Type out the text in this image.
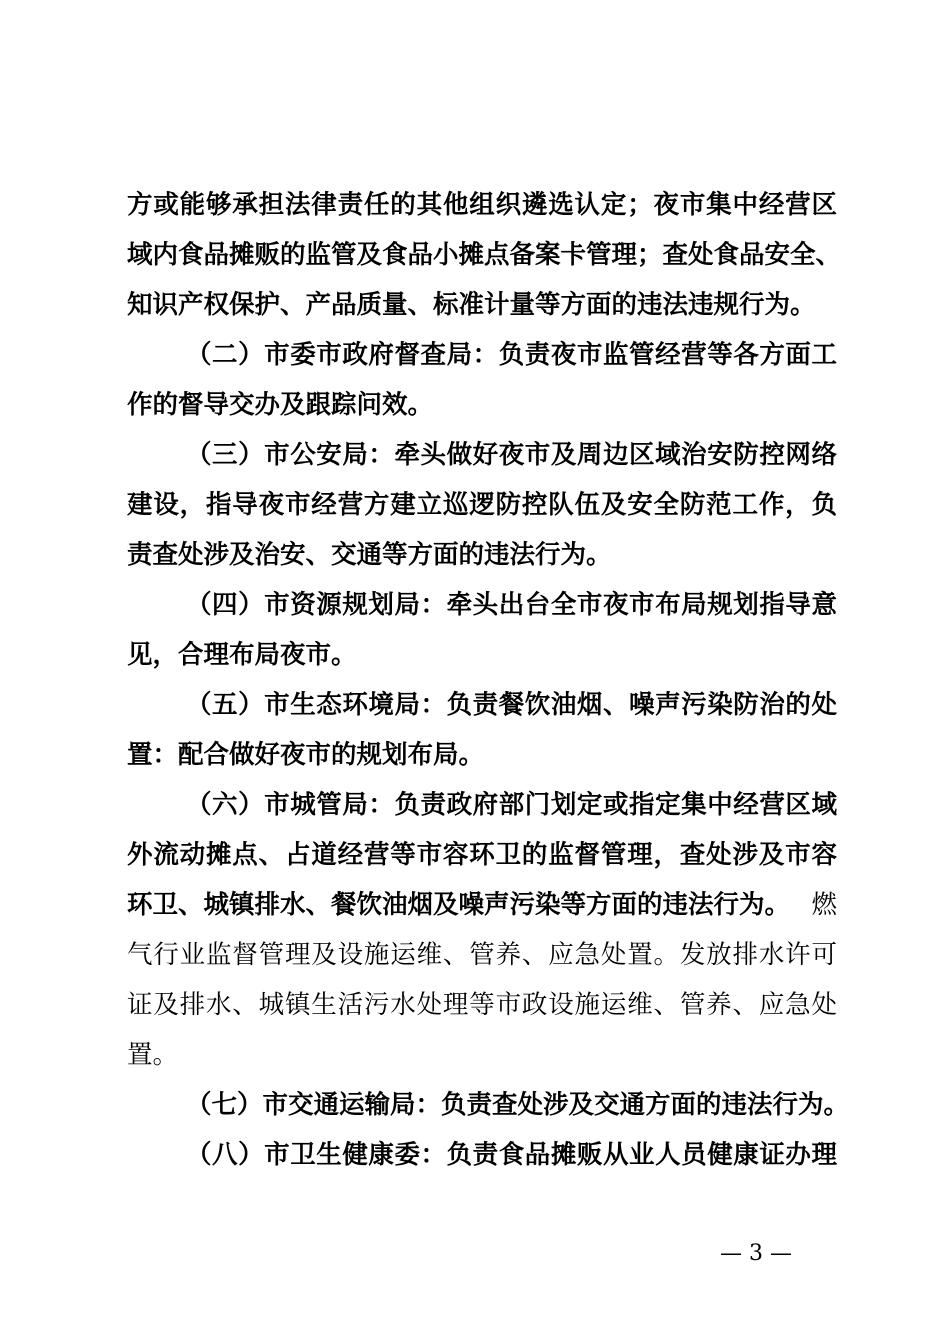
方或能够承担法律责任的其他组织遴选认定；夜市集中经营区
域内食品摊贩的监管及食品小摊点备案卡管理；查处食品安全、
知识产权保护、产品质量、标准计量等方面的违法违规行为。
（二）市委市政府督查局：负责夜市监管经营等各方面工
作的督导交办及跟踪问效。
（三）市公安局：牵头做好夜市及周边区域治安防控网络
建设，指导夜市经营方建立巡逻防控队伍及安全防范工作，负
责查处涉及治安、交通等方面的违法行为。
（四）市资源规划局：牵头出台全市夜市布局规划指导意
见，合理布局夜市。
（五）市生态环境局：负责餐饮油烟、噪声污染防治的处
置：配合做好夜市的规划布局。
（六）市城管局：负责政府部门划定或指定集中经营区域
外流动摊点、占道经营等市容环卫的监督管理，查处涉及市容
环卫、城镇排水、餐饮油烟及噪声污染等方面的违法行为。 燃
气行业监督管理及设施运维、管养、应急处置。发放排水许可
证及排水、城镇生活污水处理等市政设施运维、管养、应急处
置。
（七）市交通运输局：负责查处涉及交通方面的违法行为。
（八）市卫生健康委：负责食品摊贩从业人员健康证办理
— 3 —
